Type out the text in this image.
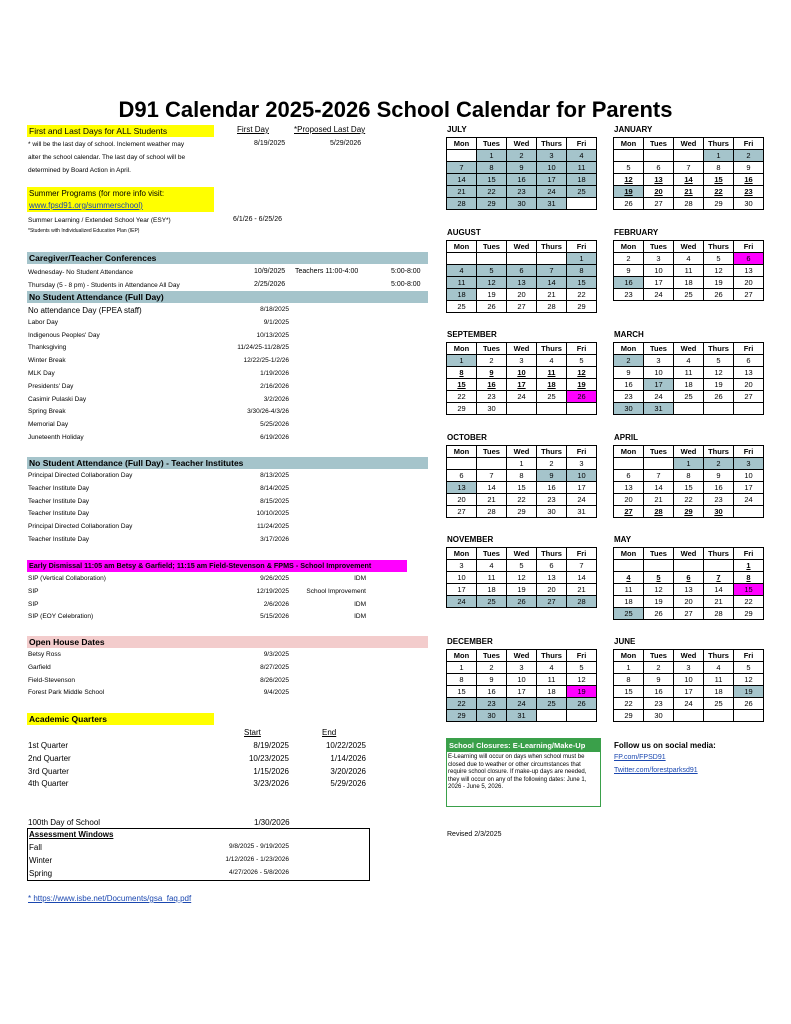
D91 Calendar 2025-2026 School Calendar for Parents
First and Last Days for ALL Students	First Day	*Proposed Last Day
* will be the last day of school. Inclement weather may	8/19/2025	5/29/2026
alter the school calendar. The last day of school will be
determined by Board Action in April.
Summer Programs (for more info visit:
www.fpsd91.org/summerschool)
Summer Learning / Extended School Year (ESY*)	6/1/26 - 6/25/26
*Students with Individualized Education Plan (IEP)
Caregiver/Teacher Conferences
Wednesday- No Student Attendance	10/9/2025 Teachers 11:00-4:00	5:00-8:00
Thursday (5 - 8 pm) - Students in Attendance All Day	2/25/2026	5:00-8:00
No Student Attendance (Full Day)
No attendance Day (FPEA staff)	8/18/2025
Labor Day	9/1/2025
Indigenous Peoples' Day	10/13/2025
Thanksgiving	11/24/25-11/28/25
Winter Break	12/22/25-1/2/26
MLK Day	1/19/2026
Presidents' Day	2/16/2026
Casimir Pulaski Day	3/2/2026
Spring Break	3/30/26-4/3/26
Memorial Day	5/25/2026
Juneteenth Holiday	6/19/2026
No Student Attendance (Full Day) - Teacher Institutes
Principal Directed Collaboration Day	8/13/2025
Teacher Institute Day	8/14/2025
Teacher Institute Day	8/15/2025
Teacher Institute Day	10/10/2025
Principal Directed Collaboration Day	11/24/2025
Teacher Institute Day	3/17/2026
Early Dismissal 11:05 am Betsy & Garfield; 11:15 am Field-Stevenson & FPMS - School Improvement
SIP (Vertical Collaboration)	9/26/2025	IDM
SIP	12/19/2025	School Improvement
SIP	2/6/2026	IDM
SIP (EOY Celebration)	5/15/2026	IDM
Open House Dates
Betsy Ross	9/3/2025
Garfield	8/27/2025
Field-Stevenson	8/26/2025
Forest Park Middle School	9/4/2025
Academic Quarters
Start	End
1st Quarter	8/19/2025	10/22/2025
2nd Quarter	10/23/2025	1/14/2026
3rd Quarter	1/15/2026	3/20/2026
4th Quarter	3/23/2026	5/29/2026
100th Day of School	1/30/2026
Assessment Windows
Fall	9/8/2025 - 9/19/2025
Winter	1/12/2026 - 1/23/2026
Spring	4/27/2026 - 5/8/2026
* https://www.isbe.net/Documents/gsa_faq.pdf
School Closures: E-Learning/Make-Up
E-Learning will occur on days when school must be closed due to weather or other circumstances that require school closure. If make-up days are needed, they will occur on any of the following dates: June 1, 2026 - June 5, 2026.
Follow us on social media:
FP.com/FPSD91
Twitter.com/forestparksd91
Revised 2/3/2025
JULY
Mon	Tues	Wed	Thurs	Fri
	1	2	3	4
7	8	9	10	11
14	15	16	17	18
21	22	23	24	25
28	29	30	31	
JANUARY
Mon	Tues	Wed	Thurs	Fri
			1	2
5	6	7	8	9
12	13	14	15	16
19	20	21	22	23
26	27	28	29	30
AUGUST
Mon	Tues	Wed	Thurs	Fri
				1
4	5	6	7	8
11	12	13	14	15
18	19	20	21	22
25	26	27	28	29
FEBRUARY
Mon	Tues	Wed	Thurs	Fri
2	3	4	5	6
9	10	11	12	13
16	17	18	19	20
23	24	25	26	27
SEPTEMBER
Mon	Tues	Wed	Thurs	Fri
1	2	3	4	5
8	9	10	11	12
15	16	17	18	19
22	23	24	25	26
29	30			
MARCH
Mon	Tues	Wed	Thurs	Fri
2	3	4	5	6
9	10	11	12	13
16	17	18	19	20
23	24	25	26	27
30	31			
OCTOBER
Mon	Tues	Wed	Thurs	Fri
		1	2	3
6	7	8	9	10
13	14	15	16	17
20	21	22	23	24
27	28	29	30	31
APRIL
Mon	Tues	Wed	Thurs	Fri
		1	2	3
6	7	8	9	10
13	14	15	16	17
20	21	22	23	24
27	28	29	30	
NOVEMBER
Mon	Tues	Wed	Thurs	Fri
3	4	5	6	7
10	11	12	13	14
17	18	19	20	21
24	25	26	27	28
MAY
Mon	Tues	Wed	Thurs	Fri
				1
4	5	6	7	8
11	12	13	14	15
18	19	20	21	22
25	26	27	28	29
DECEMBER
Mon	Tues	Wed	Thurs	Fri
1	2	3	4	5
8	9	10	11	12
15	16	17	18	19
22	23	24	25	26
29	30	31		
JUNE
Mon	Tues	Wed	Thurs	Fri
1	2	3	4	5
8	9	10	11	12
15	16	17	18	19
22	23	24	25	26
29	30			
